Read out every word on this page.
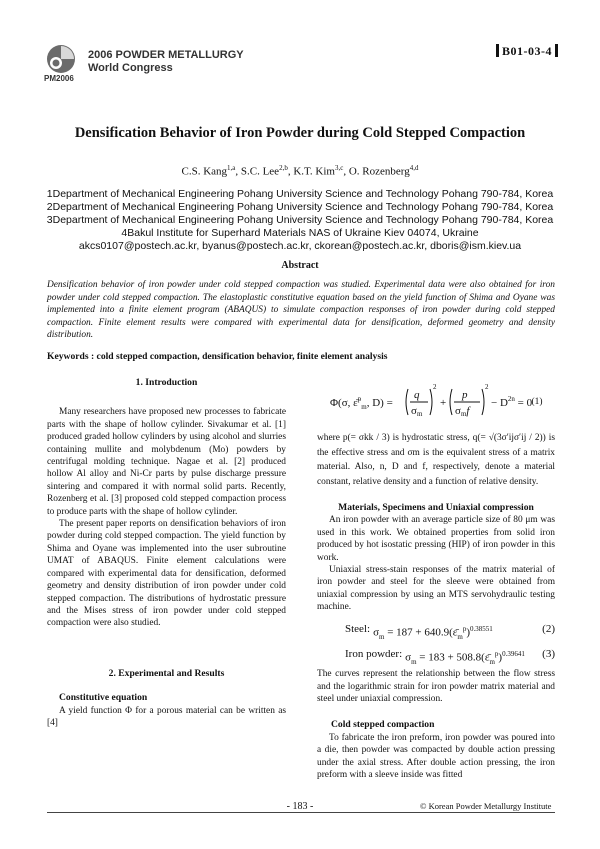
PM2006
2006 POWDER METALLURGY
World Congress
B01-03-4
Densification Behavior of Iron Powder during Cold Stepped Compaction
C.S. Kang$^{1,a}$, S.C. Lee$^{2,b}$, K.T. Kim$^{3,c}$, O. Rozenberg$^{4,d}$
1Department of Mechanical Engineering Pohang University Science and Technology Pohang 790-784, Korea
2Department of Mechanical Engineering Pohang University Science and Technology Pohang 790-784, Korea
3Department of Mechanical Engineering Pohang University Science and Technology Pohang 790-784, Korea
4Bakul Institute for Superhard Materials NAS of Ukraine Kiev 04074, Ukraine
akcs0107@postech.ac.kr, byanus@postech.ac.kr, ckorean@postech.ac.kr, dboris@ism.kiev.ua
Abstract
Densification behavior of iron powder under cold stepped compaction was studied. Experimental data were also obtained for iron powder under cold stepped compaction. The elastoplastic constitutive equation based on the yield function of Shima and Oyane was implemented into a finite element program (ABAQUS) to simulate compaction responses of iron powder during cold stepped compaction. Finite element results were compared with experimental data for densification, deformed geometry and density distribution.
Keywords : cold stepped compaction, densification behavior, finite element analysis
1. Introduction

Many researchers have proposed new processes to fabricate parts with the shape of hollow cylinder. Sivakumar et al. [1] produced graded hollow cylinders by using alcohol and slurries containing mullite and molybdenum (Mo) powders by centrifugal molding technique. Nagae et al. [2] produced hollow Al alloy and Ni-Cr parts by pulse discharge pressure sintering and compared it with normal solid parts. Recently, Rozenberg et al. [3] proposed cold stepped compaction process to produce parts with the shape of hollow cylinder.

The present paper reports on densification behaviors of iron powder during cold stepped compaction. The yield function by Shima and Oyane was implemented into the user subroutine UMAT of ABAQUS. Finite element calculations were compared with experimental data for densification, deformed geometry and density distribution of iron powder under cold stepped compaction. The distributions of hydrostatic pressure and the Mises stress of iron powder under cold stepped compaction were also studied.

2. Experimental and Results
Constitutive equation

A yield function Φ for a porous material can be written as [4]

Φ(σ, ε̄$^p_m$, D) =
q
σm
2
+
p
σmf
2
− $D^{2n} = 0$ (1)
where p(= σkk / 3) is hydrostatic stress, q(= √(3σ′ijσ′ij / 2)) is the effective stress and σm is the equivalent stress of a matrix material. Also, n, D and f, respectively, denote a material constant, relative density and a function of relative density.
Materials, Specimens and Uniaxial compression

An iron powder with an average particle size of 80 μm was used in this work. We obtained properties from solid iron produced by hot isostatic pressing (HIP) of iron powder in this work.

Uniaxial stress-stain responses of the matrix material of iron powder and steel for the sleeve were obtained from uniaxial compression by using an MTS servohydraulic testing machine.

Steel: $\sigma_m = 187$ + $640.9(\varepsilon̄_m^p)^{0.38551}$	(2)
Iron powder: $\sigma_m = 183$ + $508.8(\varepsilon̄_m^p)^{0.39641}$ (3)
The curves represent the relationship between the flow stress and the logarithmic strain for iron powder matrix material and steel under uniaxial compression.
Cold stepped compaction

To fabricate the iron preform, iron powder was poured into a die, then powder was compacted by double action pressing under the axial stress. After double action pressing, the iron preform with a sleeve inside was fitted

- 183 -	© Korean Powder Metallurgy Institute
